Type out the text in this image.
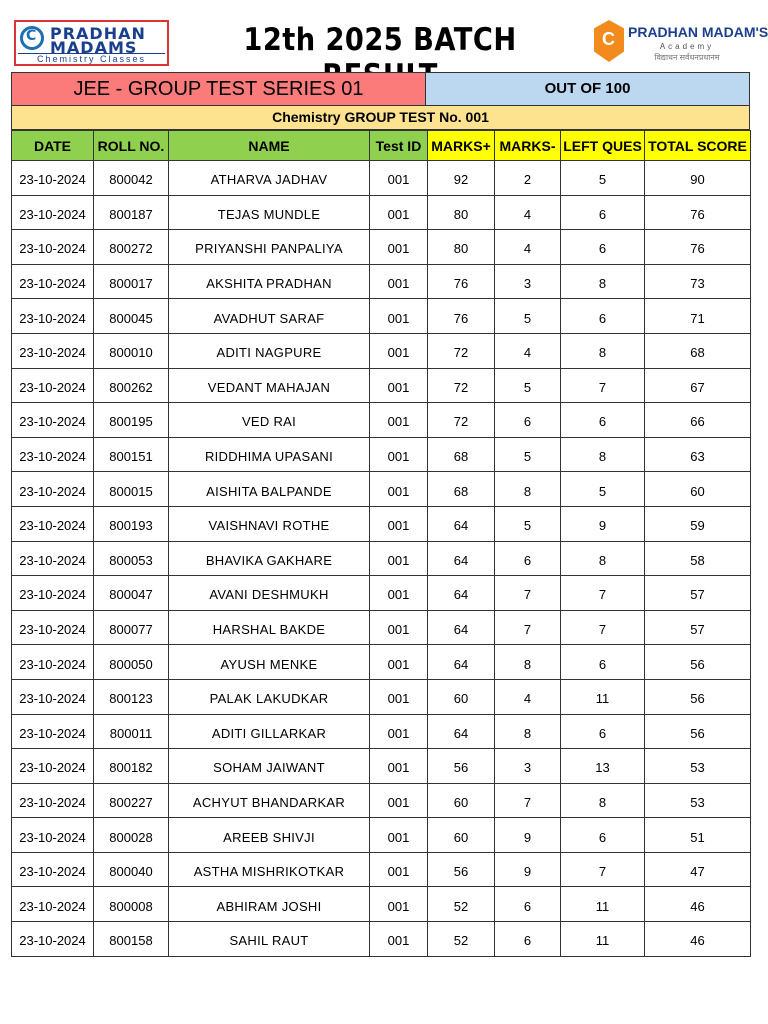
C
PRADHAN
MADAMS
Chemistry Classes
12th 2025 BATCH C	PRADHAN MADAM'S
Academy
विद्याधन सर्वधनप्रधानम
JEE - GROUP TEST SERIES 01	OUT OF 100
Chemistry GROUP TEST No. 001
DATE	ROLL NO.	NAME	Test ID	MARKS+	MARKS-	LEFT QUES	TOTAL SCORE
23-10-2024	800042	ATHARVA JADHAV	001	92	2	5	90
23-10-2024	800187	TEJAS MUNDLE	001	80	4	6	76
23-10-2024	800272	PRIYANSHI PANPALIYA	001	80	4	6	76
23-10-2024	800017	AKSHITA PRADHAN	001	76	3	8	73
23-10-2024	800045	AVADHUT SARAF	001	76	5	6	71
23-10-2024	800010	ADITI NAGPURE	001	72	4	8	68
23-10-2024	800262	VEDANT MAHAJAN	001	72	5	7	67
23-10-2024	800195	VED RAI	001	72	6	6	66
23-10-2024	800151	RIDDHIMA UPASANI	001	68	5	8	63
23-10-2024	800015	AISHITA BALPANDE	001	68	8	5	60
23-10-2024	800193	VAISHNAVI ROTHE	001	64	5	9	59
23-10-2024	800053	BHAVIKA GAKHARE	001	64	6	8	58
23-10-2024	800047	AVANI DESHMUKH	001	64	7	7	57
23-10-2024	800077	HARSHAL BAKDE	001	64	7	7	57
23-10-2024	800050	AYUSH MENKE	001	64	8	6	56
23-10-2024	800123	PALAK LAKUDKAR	001	60	4	11	56
23-10-2024	800011	ADITI GILLARKAR	001	64	8	6	56
23-10-2024	800182	SOHAM JAIWANT	001	56	3	13	53
23-10-2024	800227	ACHYUT BHANDARKAR	001	60	7	8	53
23-10-2024	800028	AREEB SHIVJI	001	60	9	6	51
23-10-2024	800040	ASTHA MISHRIKOTKAR	001	56	9	7	47
23-10-2024	800008	ABHIRAM JOSHI	001	52	6	11	46
23-10-2024	800158	SAHIL RAUT	001	52	6	11	46
